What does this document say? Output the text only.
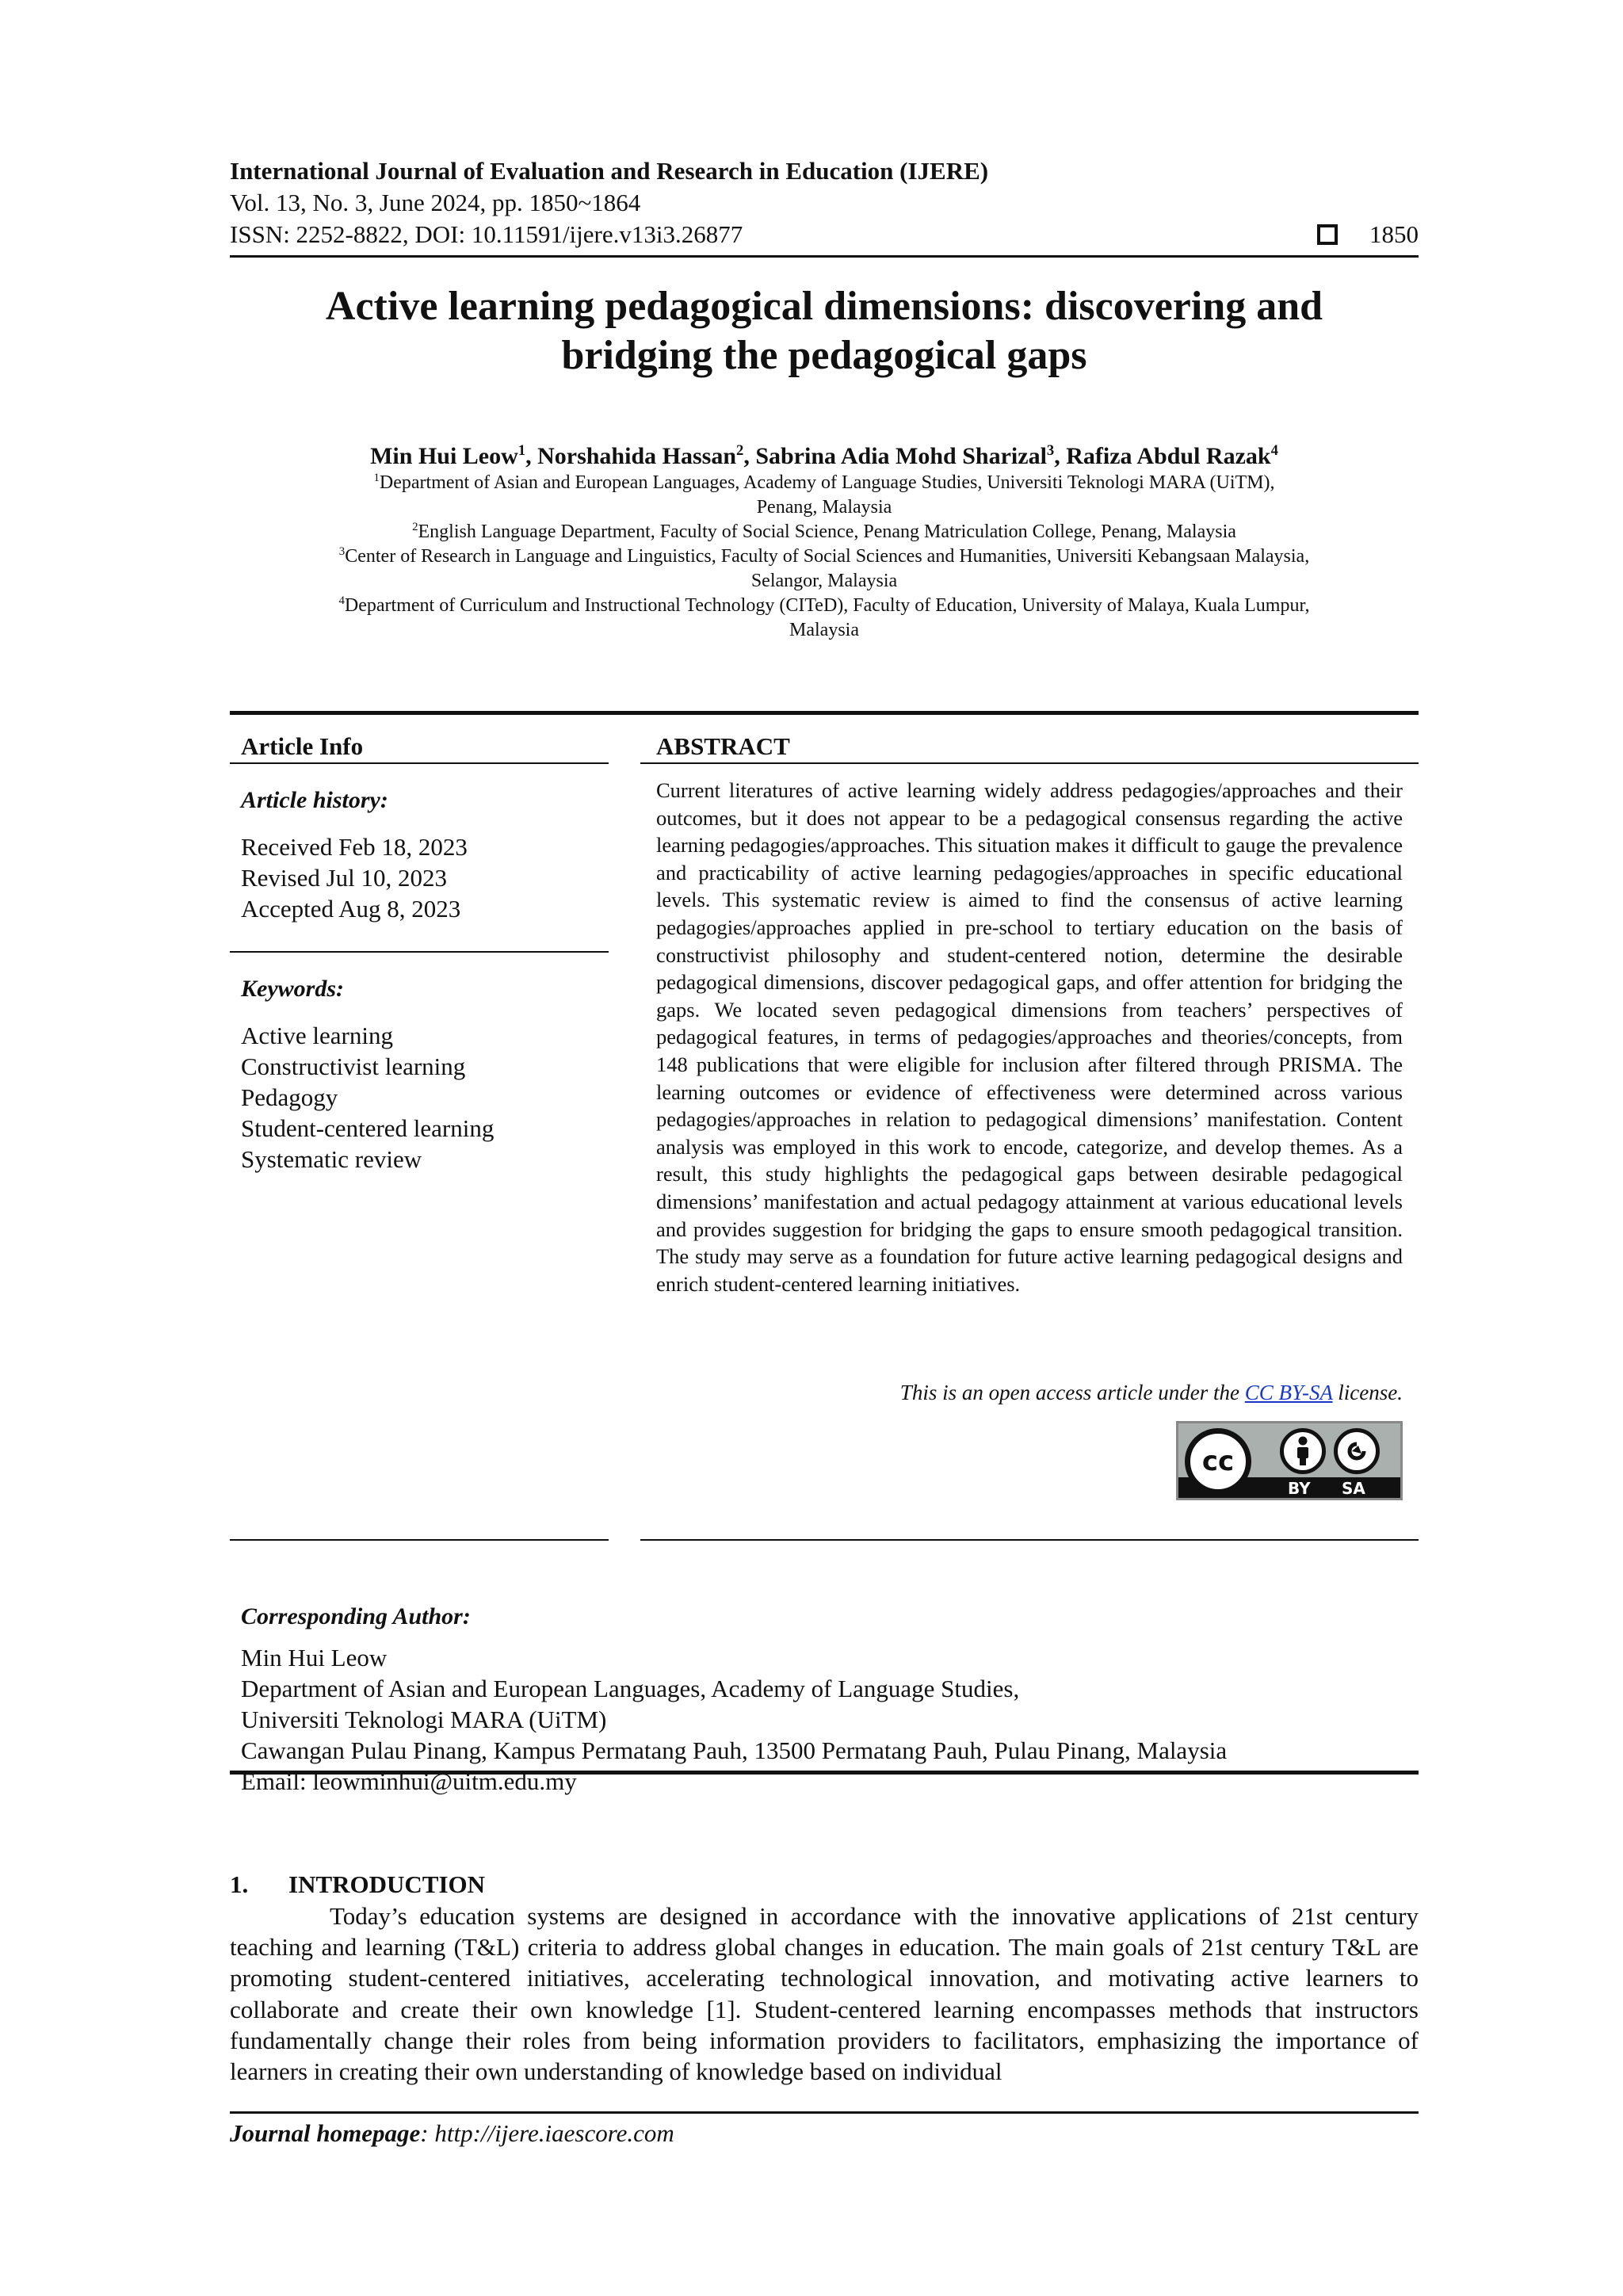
International Journal of Evaluation and Research in Education (IJERE)
Vol. 13, No. 3, June 2024, pp. 1850~1864
ISSN: 2252-8822, DOI: 10.11591/ijere.v13i3.26877	1850
Active learning pedagogical dimensions: discovering and
bridging the pedagogical gaps
Min Hui Leow$^1$, Norshahida Hassan$^2$, Sabrina Adia Mohd Sharizal$^3$, Rafiza Abdul Razak$^4$

$^1$Department of Asian and European Languages, Academy of Language Studies, Universiti Teknologi MARA (UiTM),

Penang, Malaysia

$^2$English Language Department, Faculty of Social Science, Penang Matriculation College, Penang, Malaysia

$^3$Center of Research in Language and Linguistics, Faculty of Social Sciences and Humanities, Universiti Kebangsaan Malaysia,

Selangor, Malaysia

$^4$Department of Curriculum and Instructional Technology (CITeD), Faculty of Education, University of Malaya, Kuala Lumpur,

Malaysia

Article Info
Article history:
Received Feb 18, 2023
Revised Jul 10, 2023
Accepted Aug 8, 2023
Keywords:
Active learning
Constructivist learning
Pedagogy
Student-centered learning
Systematic review
ABSTRACT
Current literatures of active learning widely address pedagogies/approaches and their outcomes, but it does not appear to be a pedagogical consensus regarding the active learning pedagogies/approaches. This situation makes it difficult to gauge the prevalence and practicability of active learning pedagogies/approaches in specific educational levels. This systematic review is aimed to find the consensus of active learning pedagogies/approaches applied in pre-school to tertiary education on the basis of constructivist philosophy and student-centered notion, determine the desirable pedagogical dimensions, discover pedagogical gaps, and offer attention for bridging the gaps. We located seven pedagogical dimensions from teachers’ perspectives of pedagogical features, in terms of pedagogies/approaches and theories/concepts, from 148 publications that were eligible for inclusion after filtered through PRISMA. The learning outcomes or evidence of effectiveness were determined across various pedagogies/approaches in relation to pedagogical dimensions’ manifestation. Content analysis was employed in this work to encode, categorize, and develop themes. As a result, this study highlights the pedagogical gaps between desirable pedagogical dimensions’ manifestation and actual pedagogy attainment at various educational levels and provides suggestion for bridging the gaps to ensure smooth pedagogical transition. The study may serve as a foundation for future active learning pedagogical designs and enrich student-centered learning initiatives.
This is an open access article under the CC BY-SA license.
cc
BY SA
Corresponding Author:
Min Hui Leow
Department of Asian and European Languages, Academy of Language Studies,
Universiti Teknologi MARA (UiTM)
Cawangan Pulau Pinang, Kampus Permatang Pauh, 13500 Permatang Pauh, Pulau Pinang, Malaysia
Email: leowminhui@uitm.edu.my
1. INTRODUCTION
Today’s education systems are designed in accordance with the innovative applications of 21st century teaching and learning (T&L) criteria to address global changes in education. The main goals of 21st century T&L are promoting student-centered initiatives, accelerating technological innovation, and motivating active learners to collaborate and create their own knowledge [1]. Student-centered learning encompasses methods that instructors fundamentally change their roles from being information providers to facilitators, emphasizing the importance of learners in creating their own understanding of knowledge based on individual
Journal homepage: http://ijere.iaescore.com
